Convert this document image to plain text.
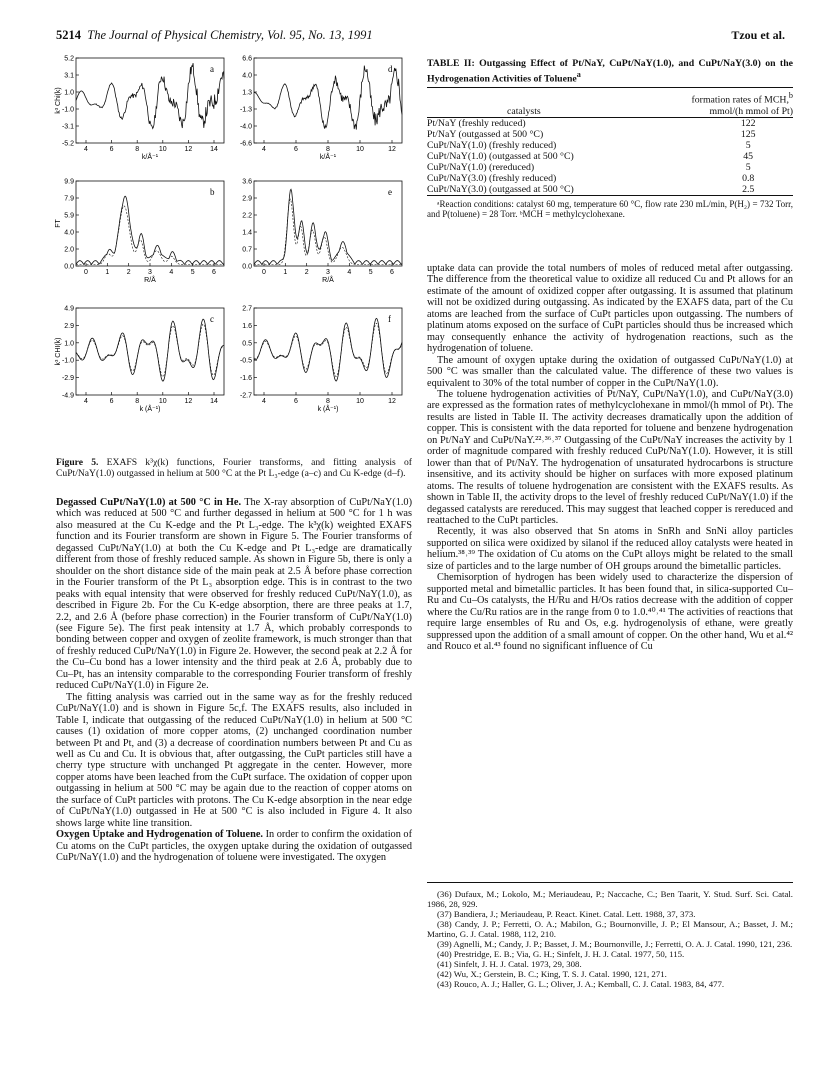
5214 The Journal of Physical Chemistry, Vol. 95, No. 13, 1991	Tzou et al.
5.2
3.1
1.0
-1.0
-3.1
-5.2
4	6	8	10	12	14
k/Å⁻¹
k³ Chi(k)
a
6.6
4.0
1.3
-1.3
-4.0
-6.6
4	6	8	10	12
k/Å⁻¹
d
9.9
7.9
5.9
4.0
2.0
0.0
0 1 2 3 4 5 6
R/Å
FT
b
3.6
2.9
2.2
1.4
0.7
0.0
0 1 2 3 4 5 6
R/Å
e
4.9
2.9
1.0
-1.0
-2.9
-4.9
4	6	8	10	12	14
k (Å⁻¹)
k³ CHI(k)
c
2.7
1.6
0.5
-0.5
-1.6
-2.7
4	6	8	10	12
k (Å⁻¹)
f
Figure 5. EXAFS k³χ(k) functions, Fourier transforms, and fitting analysis of CuPt/NaY(1.0) outgassed in helium at 500 °C at the Pt L₃-edge (a–c) and Cu K-edge (d–f).

Degassed CuPt/NaY(1.0) at 500 °C in He. The X-ray absorption of CuPt/NaY(1.0) which was reduced at 500 °C and further degassed in helium at 500 °C for 1 h was also measured at the Cu K-edge and the Pt L₃-edge. The k³χ(k) weighted EXAFS function and its Fourier transform are shown in Figure 5. The Fourier transforms of degassed CuPt/NaY(1.0) at both the Cu K-edge and Pt L₃-edge are dramatically different from those of freshly reduced sample. As shown in Figure 5b, there is only a shoulder on the short distance side of the main peak at 2.5 Å before phase correction in the Fourier transform of the Pt L₃ absorption edge. This is in contrast to the two peaks with equal intensity that were observed for freshly reduced CuPt/NaY(1.0), as described in Figure 2b. For the Cu K-edge absorption, there are three peaks at 1.7, 2.2, and 2.6 Å (before phase correction) in the Fourier transform of CuPt/NaY(1.0) (see Figure 5e). The first peak intensity at 1.7 Å, which probably corresponds to bonding between copper and oxygen of zeolite framework, is much stronger than that of freshly reduced CuPt/NaY(1.0) in Figure 2e. However, the second peak at 2.2 Å for the Cu–Cu bond has a lower intensity and the third peak at 2.6 Å, probably due to Cu–Pt, has an intensity comparable to the corresponding Fourier transform of freshly reduced CuPt/NaY(1.0) in Figure 2e.

The fitting analysis was carried out in the same way as for the freshly reduced CuPt/NaY(1.0) and is shown in Figure 5c,f. The EXAFS results, also included in Table I, indicate that outgassing of the reduced CuPt/NaY(1.0) in helium at 500 °C causes (1) oxidation of more copper atoms, (2) unchanged coordination number between Pt and Pt, and (3) a decrease of coordination numbers between Pt and Cu as well as Cu and Cu. It is obvious that, after outgassing, the CuPt particles still have a cherry type structure with unchanged Pt aggregate in the center. However, more copper atoms have been leached from the CuPt surface. The oxidation of copper upon outgassing in helium at 500 °C may be again due to the reaction of copper atoms on the surface of CuPt particles with protons. The Cu K-edge absorption in the near edge of CuPt/NaY(1.0) outgassed in He at 500 °C is also included in Figure 4. It also shows large white line transition.

Oxygen Uptake and Hydrogenation of Toluene. In order to confirm the oxidation of Cu atoms on the CuPt particles, the oxygen uptake during the oxidation of outgassed CuPt/NaY(1.0) and the hydrogenation of toluene were investigated. The oxygen

TABLE II: Outgassing Effect of Pt/NaY, CuPt/NaY(1.0), and CuPt/NaY(3.0) on the Hydrogenation Activities of Toluene$^a$
	formation rates of MCH,$^b$
catalysts	mmol/(h mmol of Pt)
Pt/NaY (freshly reduced)	122
Pt/NaY (outgassed at 500 °C)	125
CuPt/NaY(1.0) (freshly reduced)	5
CuPt/NaY(1.0) (outgassed at 500 °C)	45
CuPt/NaY(1.0) (rereduced)	5
CuPt/NaY(3.0) (freshly reduced)	0.8
CuPt/NaY(3.0) (outgassed at 500 °C)	2.5

ᵃReaction conditions: catalyst 60 mg, temperature 60 °C, flow rate 230 mL/min, P(H₂) = 732 Torr, and P(toluene) = 28 Torr. ᵇMCH = methylcyclohexane.

uptake data can provide the total numbers of moles of reduced metal after outgassing. The difference from the theoretical value to oxidize all reduced Cu and Pt allows for an estimate of the amount of oxidized copper after outgassing. It is assumed that platinum will not be oxidized during outgassing. As indicated by the EXAFS data, part of the Cu atoms are leached from the surface of CuPt particles upon outgassing. The numbers of platinum atoms exposed on the surface of CuPt particles should thus be increased which may consequently enhance the activity of hydrogenation reactions, such as the hydrogenation of toluene.

The amount of oxygen uptake during the oxidation of outgassed CuPt/NaY(1.0) at 500 °C was smaller than the calculated value. The difference of these two values is equivalent to 30% of the total number of copper in the CuPt/NaY(1.0).

The toluene hydrogenation activities of Pt/NaY, CuPt/NaY(1.0), and CuPt/NaY(3.0) are expressed as the formation rates of methylcyclohexane in mmol/(h mmol of Pt). The results are listed in Table II. The activity decreases dramatically upon the addition of copper. This is consistent with the data reported for toluene and benzene hydrogenation on Pt/NaY and CuPt/NaY.²²˒³⁶˒³⁷ Outgassing of the CuPt/NaY increases the activity by 1 order of magnitude compared with freshly reduced CuPt/NaY(1.0). However, it is still lower than that of Pt/NaY. The hydrogenation of unsaturated hydrocarbons is structure insensitive, and its activity should be higher on surfaces with more exposed platinum atoms. The results of toluene hydrogenation are consistent with the EXAFS results. As shown in Table II, the activity drops to the level of freshly reduced CuPt/NaY(1.0) if the degassed catalysts are rereduced. This may suggest that leached copper is rereduced and reattached to the CuPt particles.

Recently, it was also observed that Sn atoms in SnRh and SnNi alloy particles supported on silica were oxidized by silanol if the reduced alloy catalysts were heated in helium.³⁸˒³⁹ The oxidation of Cu atoms on the CuPt alloys might be related to the small size of particles and to the large number of OH groups around the bimetallic particles.

Chemisorption of hydrogen has been widely used to characterize the dispersion of supported metal and bimetallic particles. It has been found that, in silica-supported Cu–Ru and Cu–Os catalysts, the H/Ru and H/Os ratios decrease with the addition of copper where the Cu/Ru ratios are in the range from 0 to 1.0.⁴⁰˒⁴¹ The activities of reactions that require large ensembles of Ru and Os, e.g. hydrogenolysis of ethane, were greatly suppressed upon the addition of a small amount of copper. On the other hand, Wu et al.⁴² and Rouco et al.⁴³ found no significant influence of Cu

(36) Dufaux, M.; Lokolo, M.; Meriaudeau, P.; Naccache, C.; Ben Taarit, Y. Stud. Surf. Sci. Catal. 1986, 28, 929.
(37) Bandiera, J.; Meriaudeau, P. React. Kinet. Catal. Lett. 1988, 37, 373.
(38) Candy, J. P.; Ferretti, O. A.; Mabilon, G.; Bournonville, J. P.; El Mansour, A.; Basset, J. M.; Martino, G. J. Catal. 1988, 112, 210.
(39) Agnelli, M.; Candy, J. P.; Basset, J. M.; Bournonville, J.; Ferretti, O. A. J. Catal. 1990, 121, 236.
(40) Prestridge, E. B.; Via, G. H.; Sinfelt, J. H. J. Catal. 1977, 50, 115.
(41) Sinfelt, J. H. J. Catal. 1973, 29, 308.
(42) Wu, X.; Gerstein, B. C.; King, T. S. J. Catal. 1990, 121, 271.
(43) Rouco, A. J.; Haller, G. L.; Oliver, J. A.; Kemball, C. J. Catal. 1983, 84, 477.
